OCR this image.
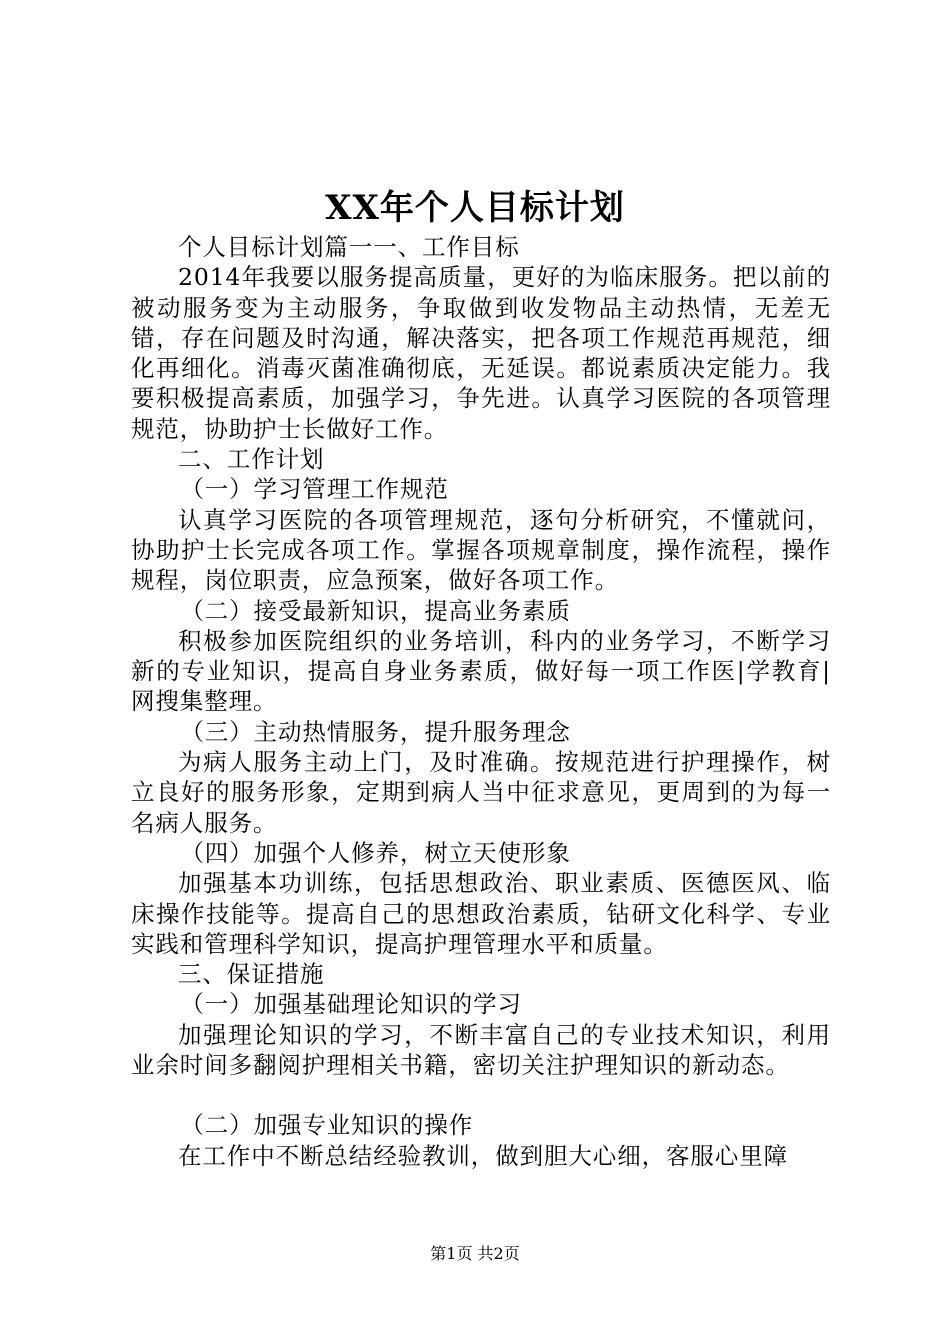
XX年个人目标计划

个人目标计划篇一一、工作目标

2014年我要以服务提高质量，更好的为临床服务。把以前的被动服务变为主动服务，争取做到收发物品主动热情，无差无错，存在问题及时沟通，解决落实，把各项工作规范再规范，细化再细化。消毒灭菌准确彻底，无延误。都说素质决定能力。我要积极提高素质，加强学习，争先进。认真学习医院的各项管理规范，协助护士长做好工作。

二、工作计划

（一）学习管理工作规范

认真学习医院的各项管理规范，逐句分析研究，不懂就问，协助护士长完成各项工作。掌握各项规章制度，操作流程，操作规程，岗位职责，应急预案，做好各项工作。

（二）接受最新知识，提高业务素质

积极参加医院组织的业务培训，科内的业务学习，不断学习新的专业知识，提高自身业务素质，做好每一项工作医|学教育|网搜集整理。

（三）主动热情服务，提升服务理念

为病人服务主动上门，及时准确。按规范进行护理操作，树立良好的服务形象，定期到病人当中征求意见，更周到的为每一名病人服务。

（四）加强个人修养，树立天使形象

加强基本功训练，包括思想政治、职业素质、医德医风、临床操作技能等。提高自己的思想政治素质，钻研文化科学、专业实践和管理科学知识，提高护理管理水平和质量。

三、保证措施

（一）加强基础理论知识的学习

加强理论知识的学习，不断丰富自己的专业技术知识，利用业余时间多翻阅护理相关书籍，密切关注护理知识的新动态。

（二）加强专业知识的操作

在工作中不断总结经验教训，做到胆大心细，客服心里障

第1页 共2页
